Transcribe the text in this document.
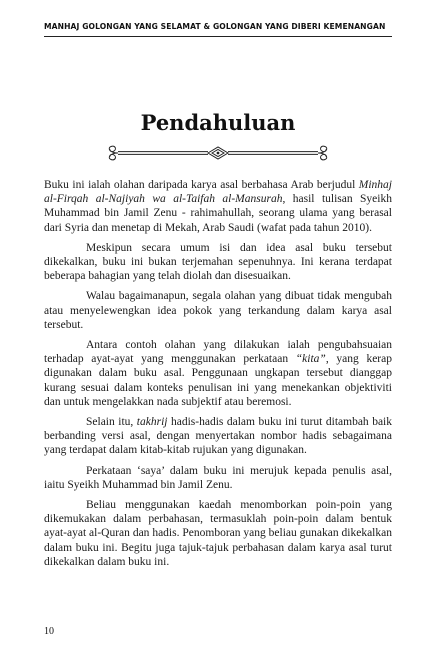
MANHAJ GOLONGAN YANG SELAMAT & GOLONGAN YANG DIBERI KEMENANGAN
Pendahuluan

Buku ini ialah olahan daripada karya asal berbahasa Arab berjudul Minhaj al-Firqah al-Najiyah wa al-Taifah al-Mansurah, hasil tulisan Syeikh Muhammad bin Jamil Zenu - rahimahullah, seorang ulama yang berasal dari Syria dan menetap di Mekah, Arab Saudi (wafat pada tahun 2010).

Meskipun secara umum isi dan idea asal buku tersebut dikekalkan, buku ini bukan terjemahan sepenuhnya. Ini kerana terdapat beberapa bahagian yang telah diolah dan disesuaikan.

Walau bagaimanapun, segala olahan yang dibuat tidak mengubah atau menyelewengkan idea pokok yang terkandung dalam karya asal tersebut.

Antara contoh olahan yang dilakukan ialah pengubahsuaian terhadap ayat-ayat yang menggunakan perkataan “kita”, yang kerap digunakan dalam buku asal. Penggunaan ungkapan tersebut dianggap kurang sesuai dalam konteks penulisan ini yang menekankan objektiviti dan untuk mengelakkan nada subjektif atau beremosi.

Selain itu, takhrij hadis-hadis dalam buku ini turut ditambah baik berbanding versi asal, dengan menyertakan nombor hadis sebagaimana yang terdapat dalam kitab-kitab rujukan yang digunakan.

Perkataan ‘saya’ dalam buku ini merujuk kepada penulis asal, iaitu Syeikh Muhammad bin Jamil Zenu.

Beliau menggunakan kaedah menomborkan poin-poin yang dikemukakan dalam perbahasan, termasuklah poin-poin dalam bentuk ayat-ayat al-Quran dan hadis. Penomboran yang beliau gunakan dikekalkan dalam buku ini. Begitu juga tajuk-tajuk perbahasan dalam karya asal turut dikekalkan dalam buku ini.

10
